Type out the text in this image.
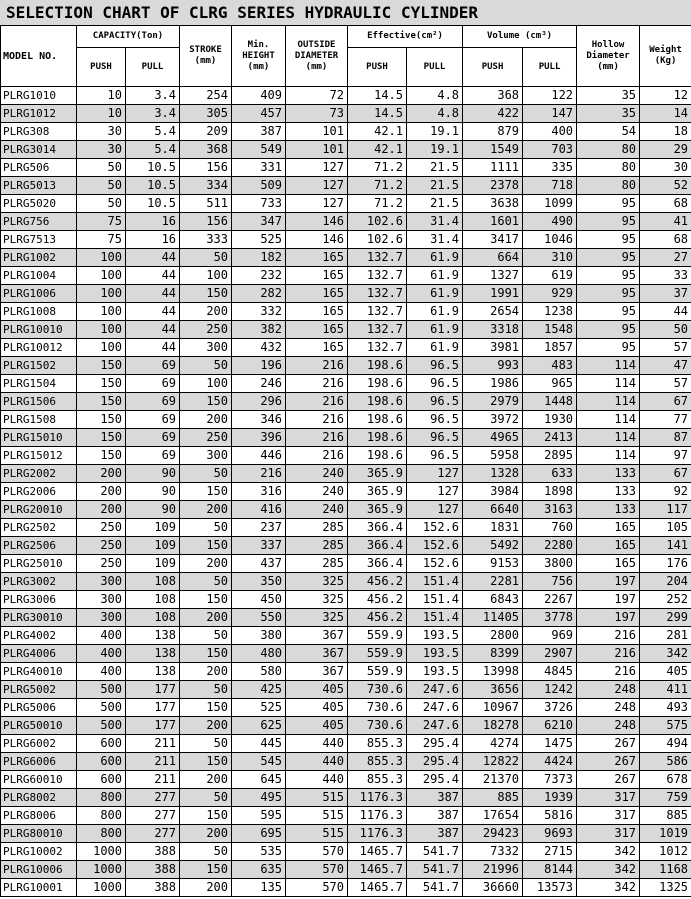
SELECTION CHART OF CLRG SERIES HYDRAULIC CYLINDER
MODEL NO.	CAPACITY(Ton)		STROKE (mm)	Min. HEIGHT (mm)	OUTSIDE DIAMETER (mm)	Effective(cm²)		Volume (cm³)		Hollow Diameter (mm)	Weight (Kg)
	PUSH	PULL				PUSH	PULL	PUSH	PULL		
PLRG1010	10	3.4	254	409	72	14.5	4.8	368	122	35	12
PLRG1012	10	3.4	305	457	73	14.5	4.8	422	147	35	14
PLRG308	30	5.4	209	387	101	42.1	19.1	879	400	54	18
PLRG3014	30	5.4	368	549	101	42.1	19.1	1549	703	80	29
PLRG506	50	10.5	156	331	127	71.2	21.5	1111	335	80	30
PLRG5013	50	10.5	334	509	127	71.2	21.5	2378	718	80	52
PLRG5020	50	10.5	511	733	127	71.2	21.5	3638	1099	95	68
PLRG756	75	16	156	347	146	102.6	31.4	1601	490	95	41
PLRG7513	75	16	333	525	146	102.6	31.4	3417	1046	95	68
PLRG1002	100	44	50	182	165	132.7	61.9	664	310	95	27
PLRG1004	100	44	100	232	165	132.7	61.9	1327	619	95	33
PLRG1006	100	44	150	282	165	132.7	61.9	1991	929	95	37
PLRG1008	100	44	200	332	165	132.7	61.9	2654	1238	95	44
PLRG10010	100	44	250	382	165	132.7	61.9	3318	1548	95	50
PLRG10012	100	44	300	432	165	132.7	61.9	3981	1857	95	57
PLRG1502	150	69	50	196	216	198.6	96.5	993	483	114	47
PLRG1504	150	69	100	246	216	198.6	96.5	1986	965	114	57
PLRG1506	150	69	150	296	216	198.6	96.5	2979	1448	114	67
PLRG1508	150	69	200	346	216	198.6	96.5	3972	1930	114	77
PLRG15010	150	69	250	396	216	198.6	96.5	4965	2413	114	87
PLRG15012	150	69	300	446	216	198.6	96.5	5958	2895	114	97
PLRG2002	200	90	50	216	240	365.9	127	1328	633	133	67
PLRG2006	200	90	150	316	240	365.9	127	3984	1898	133	92
PLRG20010	200	90	200	416	240	365.9	127	6640	3163	133	117
PLRG2502	250	109	50	237	285	366.4	152.6	1831	760	165	105
PLRG2506	250	109	150	337	285	366.4	152.6	5492	2280	165	141
PLRG25010	250	109	200	437	285	366.4	152.6	9153	3800	165	176
PLRG3002	300	108	50	350	325	456.2	151.4	2281	756	197	204
PLRG3006	300	108	150	450	325	456.2	151.4	6843	2267	197	252
PLRG30010	300	108	200	550	325	456.2	151.4	11405	3778	197	299
PLRG4002	400	138	50	380	367	559.9	193.5	2800	969	216	281
PLRG4006	400	138	150	480	367	559.9	193.5	8399	2907	216	342
PLRG40010	400	138	200	580	367	559.9	193.5	13998	4845	216	405
PLRG5002	500	177	50	425	405	730.6	247.6	3656	1242	248	411
PLRG5006	500	177	150	525	405	730.6	247.6	10967	3726	248	493
PLRG50010	500	177	200	625	405	730.6	247.6	18278	6210	248	575
PLRG6002	600	211	50	445	440	855.3	295.4	4274	1475	267	494
PLRG6006	600	211	150	545	440	855.3	295.4	12822	4424	267	586
PLRG60010	600	211	200	645	440	855.3	295.4	21370	7373	267	678
PLRG8002	800	277	50	495	515	1176.3	387	885	1939	317	759
PLRG8006	800	277	150	595	515	1176.3	387	17654	5816	317	885
PLRG80010	800	277	200	695	515	1176.3	387	29423	9693	317	1019
PLRG10002	1000	388	50	535	570	1465.7	541.7	7332	2715	342	1012
PLRG10006	1000	388	150	635	570	1465.7	541.7	21996	8144	342	1168
PLRG10001	1000	388	200	135	570	1465.7	541.7	36660	13573	342	1325
